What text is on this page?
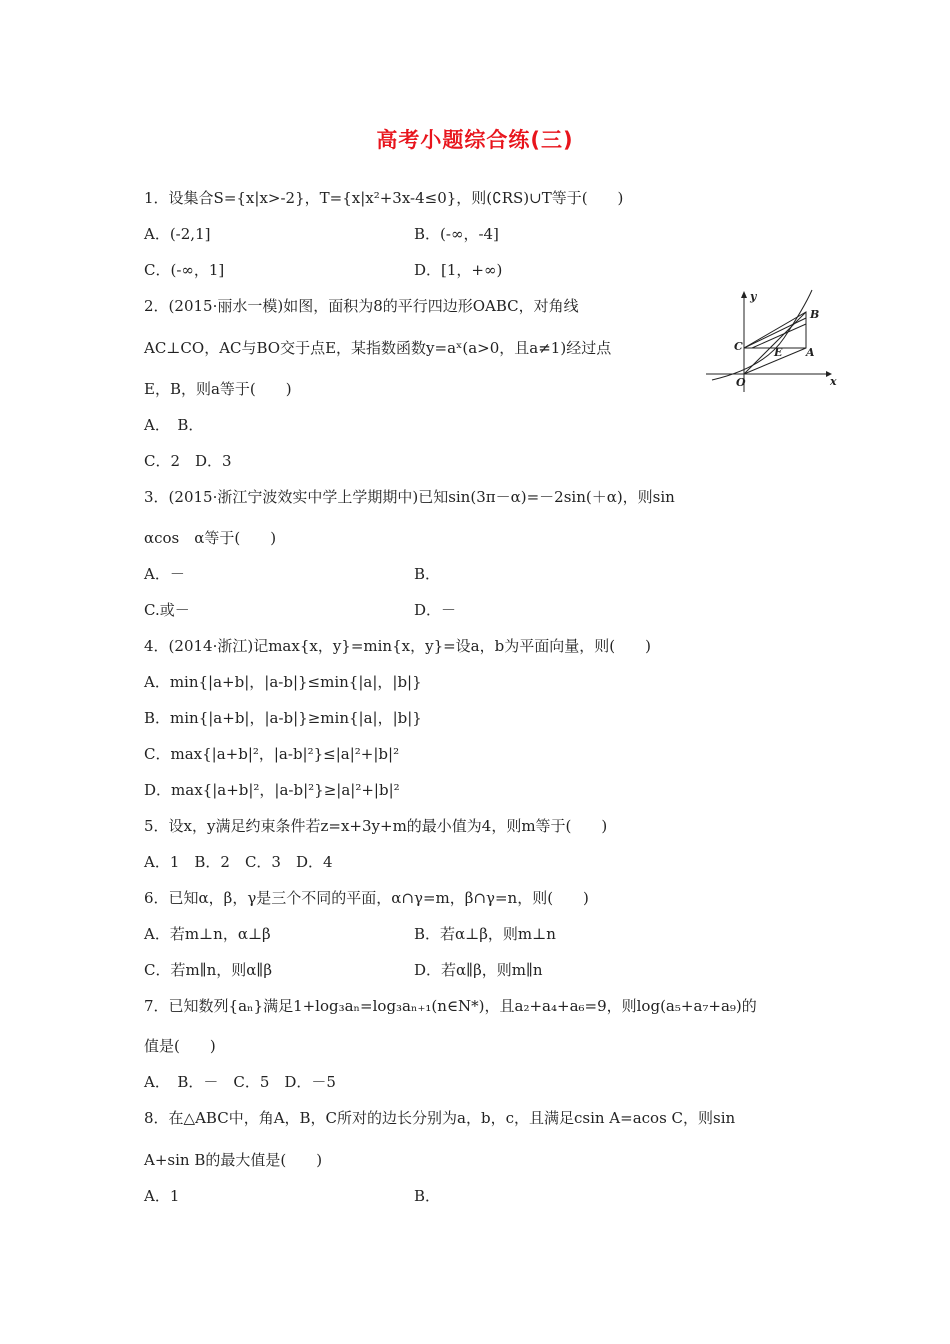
高考小题综合练(三)
1．设集合S={x|x>-2}，T={x|x²+3x-4≤0}，则(∁RS)∪T等于(　　)
A．(-2,1]	B．(-∞，-4]
C．(-∞，1]	D．[1，+∞)
2．(2015·丽水一模)如图，面积为8的平行四边形OABC，对角线
AC⊥CO，AC与BO交于点E，某指数函数y=aˣ(a>0，且a≠1)经过点
E，B，则a等于(　　)
A．　B．
C．2　D．3
y
x
O
C	E A
B
3．(2015·浙江宁波效实中学上学期期中)已知sin(3π－α)=－2sin(＋α)，则sin
αcos　α等于(　　)
A．－	B．
C.或－	D．－
4．(2014·浙江)记max{x，y}=min{x，y}=设a，b为平面向量，则(　　)
A．min{|a+b|，|a-b|}≤min{|a|，|b|}
B．min{|a+b|，|a-b|}≥min{|a|，|b|}
C．max{|a+b|²，|a-b|²}≤|a|²+|b|²
D．max{|a+b|²，|a-b|²}≥|a|²+|b|²
5．设x，y满足约束条件若z=x+3y+m的最小值为4，则m等于(　　)
A．1　B．2　C．3　D．4
6．已知α，β，γ是三个不同的平面，α∩γ=m，β∩γ=n，则(　　)
A．若m⊥n，α⊥β	B．若α⊥β，则m⊥n
C．若m∥n，则α∥β	D．若α∥β，则m∥n
7．已知数列{aₙ}满足1+log₃aₙ=log₃aₙ₊₁(n∈N*)，且a₂+a₄+a₆=9，则log(a₅+a₇+a₉)的
值是(　　)
A．　B．－　C．5　D．－5
8．在△ABC中，角A，B，C所对的边长分别为a，b，c，且满足csin A=acos C，则sin
A+sin B的最大值是(　　)
A．1	B．
